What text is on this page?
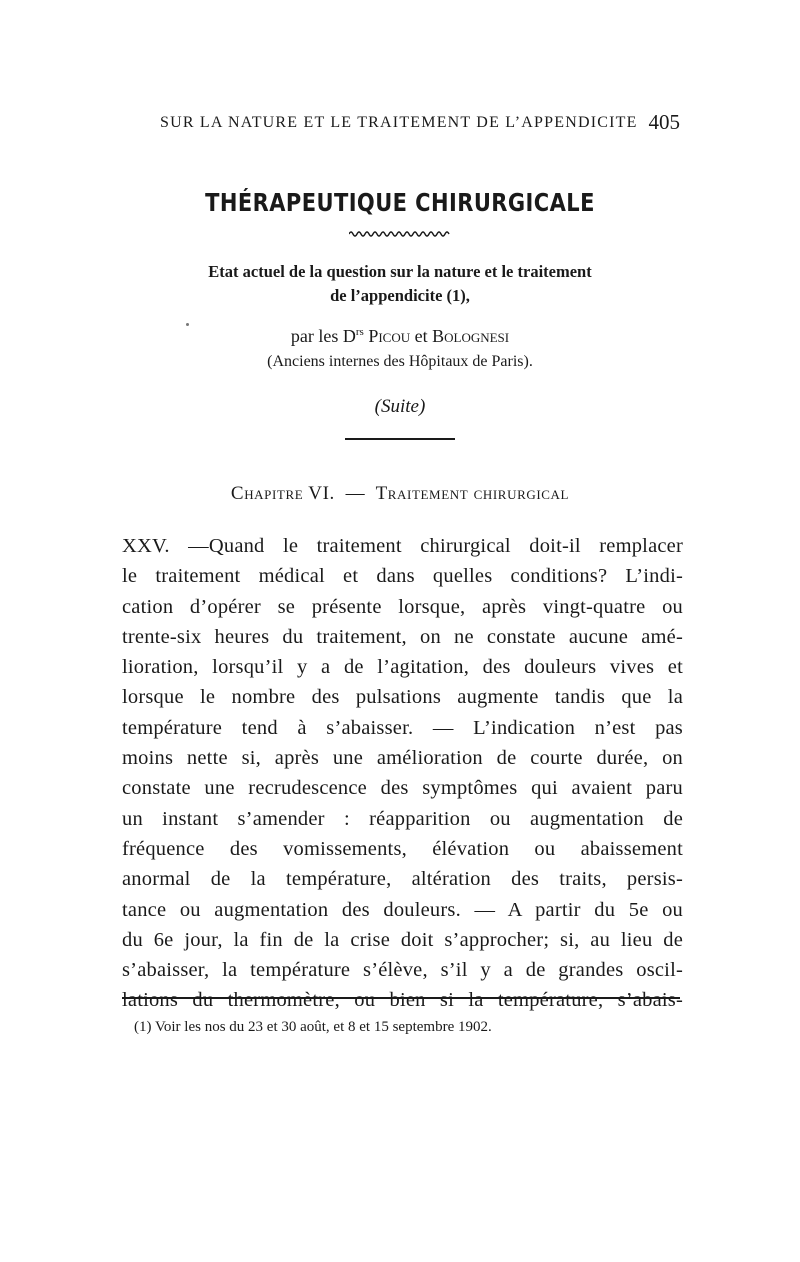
SUR LA NATURE ET LE TRAITEMENT DE L’APPENDICITE 405
THÉRAPEUTIQUE CHIRURGICALE
Etat actuel de la question sur la nature et le traitement
de l’appendicite (1),
par les $D^{rs}$ Picou et Bolognesi
(Anciens internes des Hôpitaux de Paris).
(Suite)
Chapitre VI. — Traitement chirurgical
XXV. —Quand le traitement chirurgical doit-il remplacer
le traitement médical et dans quelles conditions? L’indi-
cation d’opérer se présente lorsque, après vingt-quatre ou
trente-six heures du traitement, on ne constate aucune amé-
lioration, lorsqu’il y a de l’agitation, des douleurs vives et
lorsque le nombre des pulsations augmente tandis que la
température tend à s’abaisser. — L’indication n’est pas
moins nette si, après une amélioration de courte durée, on
constate une recrudescence des symptômes qui avaient paru
un instant s’amender : réapparition ou augmentation de
fréquence des vomissements, élévation ou abaissement
anormal de la température, altération des traits, persis-
tance ou augmentation des douleurs. — A partir du 5e ou
du 6e jour, la fin de la crise doit s’approcher; si, au lieu de
s’abaisser, la température s’élève, s’il y a de grandes oscil-
lations du thermomètre, ou bien si la température, s’abais-
(1) Voir les nos du 23 et 30 août, et 8 et 15 septembre 1902.
